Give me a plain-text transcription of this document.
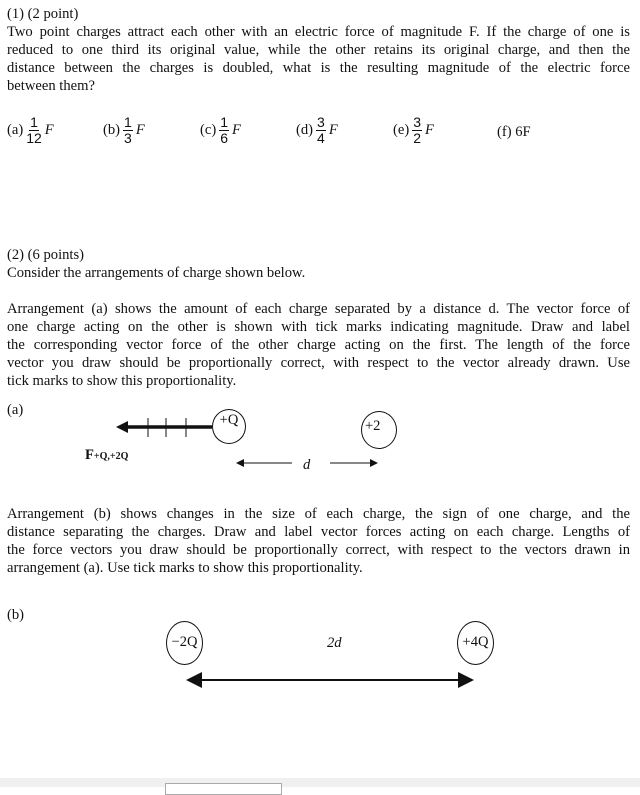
(1) (2 point)
Two point charges attract each other with an electric force of magnitude F. If the charge of one is
reduced to one third its original value, while the other retains its original charge, and then the
distance between the charges is doubled, what is the resulting magnitude of the electric force
between them?
$(a) \frac{1}{12}$ F	$(b) \frac{1}{3}$ F	$(c) \frac{1}{6}$ F	$(d) \frac{3}{4}$ F	$(e) \frac{3}{2}$ F	(f) 6F
(2) (6 points)
Consider the arrangements of charge shown below.
Arrangement (a) shows the amount of each charge separated by a distance d. The vector force of
one charge acting on the other is shown with tick marks indicating magnitude. Draw and label
the corresponding vector force of the other charge acting on the first. The length of the force
vector you draw should be proportionally correct, with respect to the vector already drawn. Use
tick marks to show this proportionality.
(a)
+Q	+2
F+Q,+2Q
d
Arrangement (b) shows changes in the size of each charge, the sign of one charge, and the
distance separating the charges. Draw and label vector forces acting on each charge. Lengths of
the force vectors you draw should be proportionally correct, with respect to the vectors drawn in
arrangement (a). Use tick marks to show this proportionality.
(b)
−2Q	+4Q
2d
